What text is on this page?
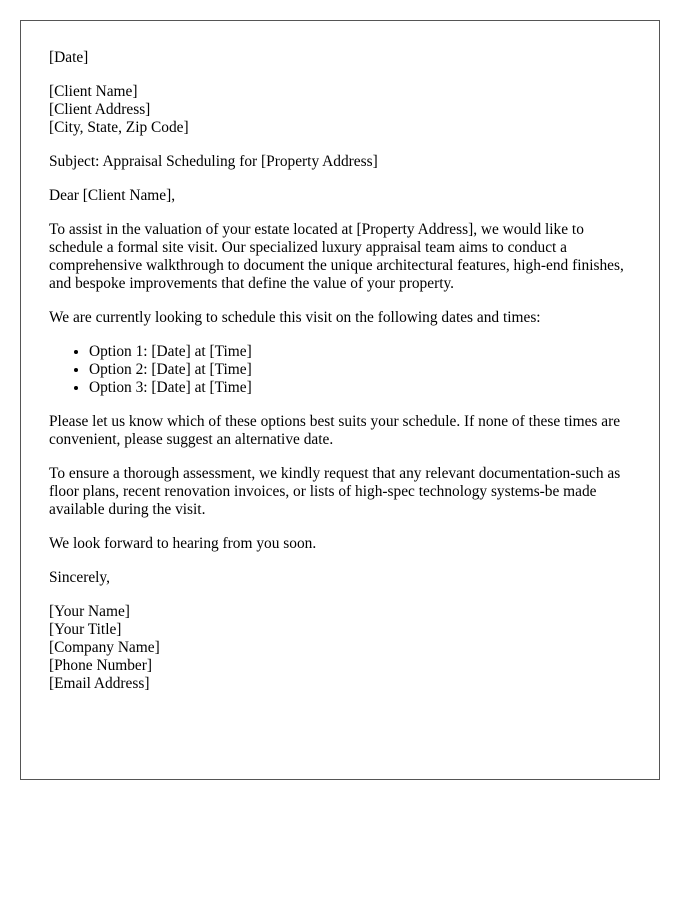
[Date]
[Client Name]
[Client Address]
[City, State, Zip Code]

Subject: Appraisal Scheduling for [Property Address]

Dear [Client Name],

To assist in the valuation of your estate located at [Property Address], we would like to schedule a formal site visit. Our specialized luxury appraisal team aims to conduct a comprehensive walkthrough to document the unique architectural features, high-end finishes, and bespoke improvements that define the value of your property.

We are currently looking to schedule this visit on the following dates and times:

• Option 1: [Date] at [Time]
• Option 2: [Date] at [Time]
• Option 3: [Date] at [Time]

Please let us know which of these options best suits your schedule. If none of these times are convenient, please suggest an alternative date.

To ensure a thorough assessment, we kindly request that any relevant documentation-such as floor plans, recent renovation invoices, or lists of high-spec technology systems-be made available during the visit.

We look forward to hearing from you soon.

Sincerely,

[Your Name]
[Your Title]
[Company Name]
[Phone Number]
[Email Address]
